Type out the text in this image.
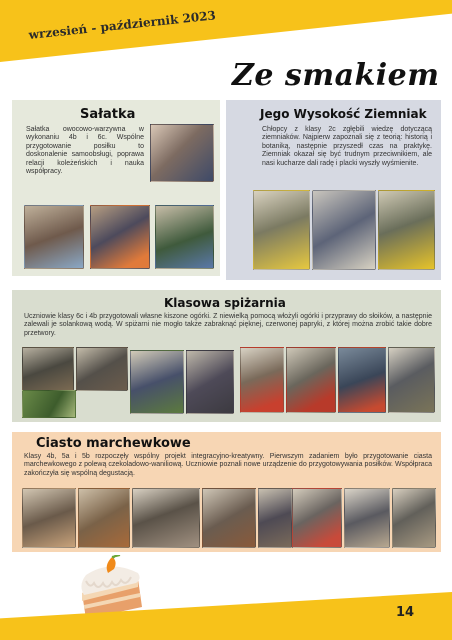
wrzesień - październik 2023
Ze smakiem
Sałatka
Sałatka owocowo-warzywna w wykonaniu 4b i 6c. Wspólne przygotowanie posiłku to doskonalenie samoobsługi, poprawa relacji koleżeńskich i nauka współpracy.
Jego Wysokość Ziemniak
Chłopcy z klasy 2c zgłębili wiedzę dotyczącą ziemniaków. Najpierw zapoznali się z teorią: historią i botaniką, następnie przyszedł czas na praktykę. Ziemniak okazał się być trudnym przeciwnikiem, ale nasi kucharze dali radę i placki wyszły wyśmienite.
Klasowa spiżarnia
Uczniowie klasy 6c i 4b przygotowali własne kiszone ogórki. Z niewielką pomocą włożyli ogórki i przyprawy do słoików, a następnie zalewali je solankową wodą. W spiżarni nie mogło także zabraknąć pięknej, czerwonej papryki, z której można zrobić takie dobre przetwory.
Ciasto marchewkowe
Klasy 4b, 5a i 5b rozpoczęły wspólny projekt integracyjno-kreatywny. Pierwszym zadaniem było przygotowanie ciasta marchewkowego z polewą czekoladowo-waniliową. Uczniowie poznali nowe urządzenie do przygotowywania posiłków. Współpraca zakończyła się wspólną degustacją.
14
